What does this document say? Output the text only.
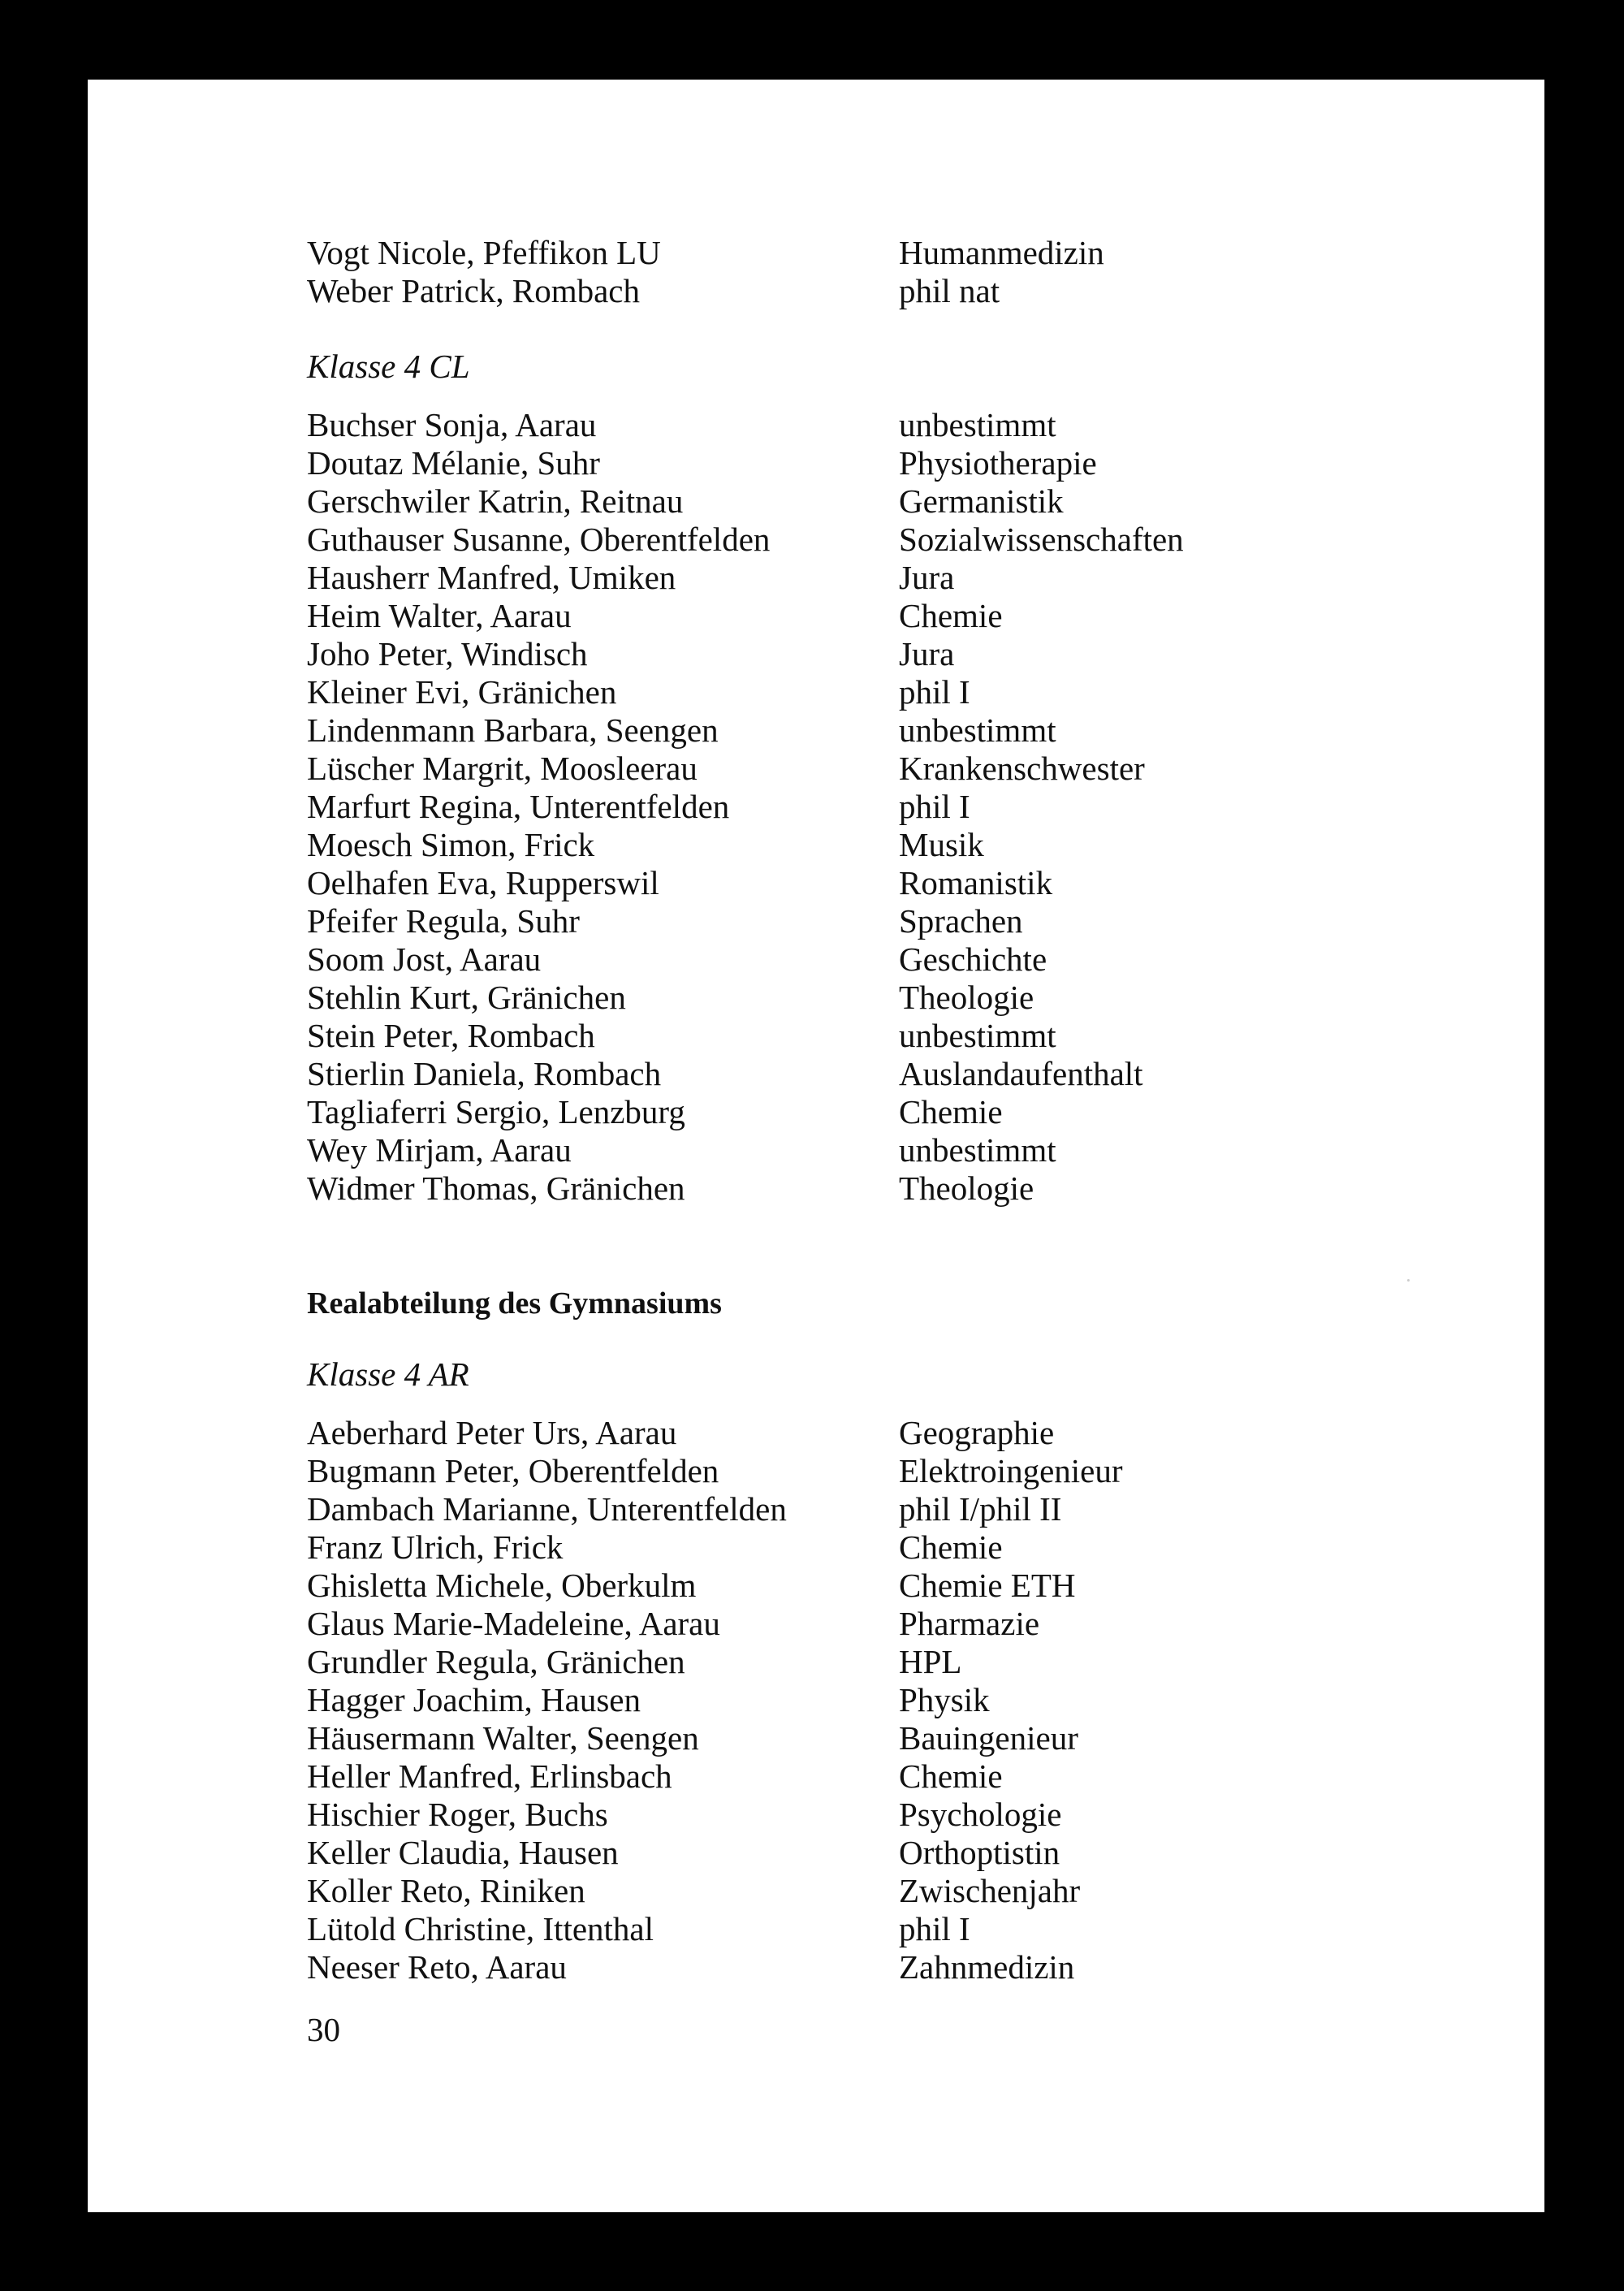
Vogt Nicole, Pfeffikon LU	Humanmedizin
Weber Patrick, Rombach	phil nat
Klasse 4 CL
Buchser Sonja, Aarau	unbestimmt
Doutaz Mélanie, Suhr	Physiotherapie
Gerschwiler Katrin, Reitnau	Germanistik
Guthauser Susanne, Oberentfelden	Sozialwissenschaften
Hausherr Manfred, Umiken	Jura
Heim Walter, Aarau	Chemie
Joho Peter, Windisch	Jura
Kleiner Evi, Gränichen	phil I
Lindenmann Barbara, Seengen	unbestimmt
Lüscher Margrit, Moosleerau	Krankenschwester
Marfurt Regina, Unterentfelden	phil I
Moesch Simon, Frick	Musik
Oelhafen Eva, Rupperswil	Romanistik
Pfeifer Regula, Suhr	Sprachen
Soom Jost, Aarau	Geschichte
Stehlin Kurt, Gränichen	Theologie
Stein Peter, Rombach	unbestimmt
Stierlin Daniela, Rombach	Auslandaufenthalt
Tagliaferri Sergio, Lenzburg	Chemie
Wey Mirjam, Aarau	unbestimmt
Widmer Thomas, Gränichen	Theologie
Realabteilung des Gymnasiums
Klasse 4 AR
Aeberhard Peter Urs, Aarau	Geographie
Bugmann Peter, Oberentfelden	Elektroingenieur
Dambach Marianne, Unterentfelden	phil I/phil II
Franz Ulrich, Frick	Chemie
Ghisletta Michele, Oberkulm	Chemie ETH
Glaus Marie-Madeleine, Aarau	Pharmazie
Grundler Regula, Gränichen	HPL
Hagger Joachim, Hausen	Physik
Häusermann Walter, Seengen	Bauingenieur
Heller Manfred, Erlinsbach	Chemie
Hischier Roger, Buchs	Psychologie
Keller Claudia, Hausen	Orthoptistin
Koller Reto, Riniken	Zwischenjahr
Lütold Christine, Ittenthal	phil I
Neeser Reto, Aarau	Zahnmedizin
30
